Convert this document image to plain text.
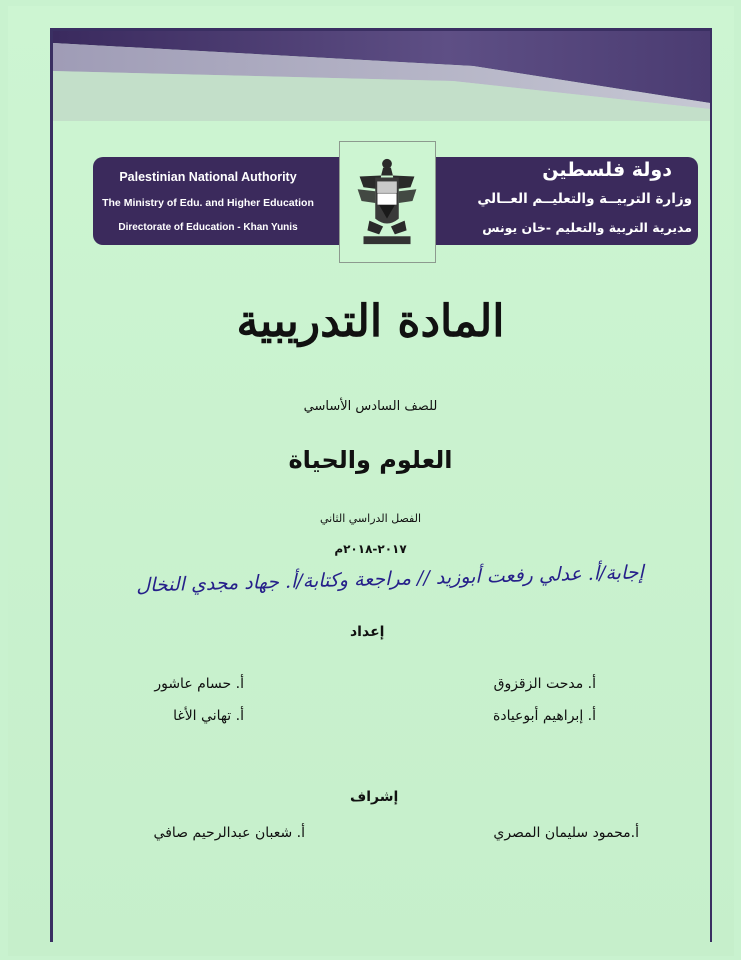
Palestinian National Authority
The Ministry of Edu. and Higher Education
Directorate of Education - Khan Yunis
دولة فلسطين
وزارة التربيــة والتعليــم العــالي
مديرية التربية والتعليم -خان يونس
المادة التدريبية
للصف السادس الأساسي
العلوم والحياة
الفصل الدراسي الثاني
٢٠١٧-٢٠١٨م
إجابة/أ. عدلي رفعت أبوزيد // مراجعة وكتابة/أ. جهاد مجدي النخال
إعداد
أ. مدحت الزقزوق
أ. حسام عاشور
أ. إبراهيم أبوعيادة
أ. تهاني الأغا
إشراف
أ.محمود سليمان المصري
أ. شعبان عبدالرحيم صافي
